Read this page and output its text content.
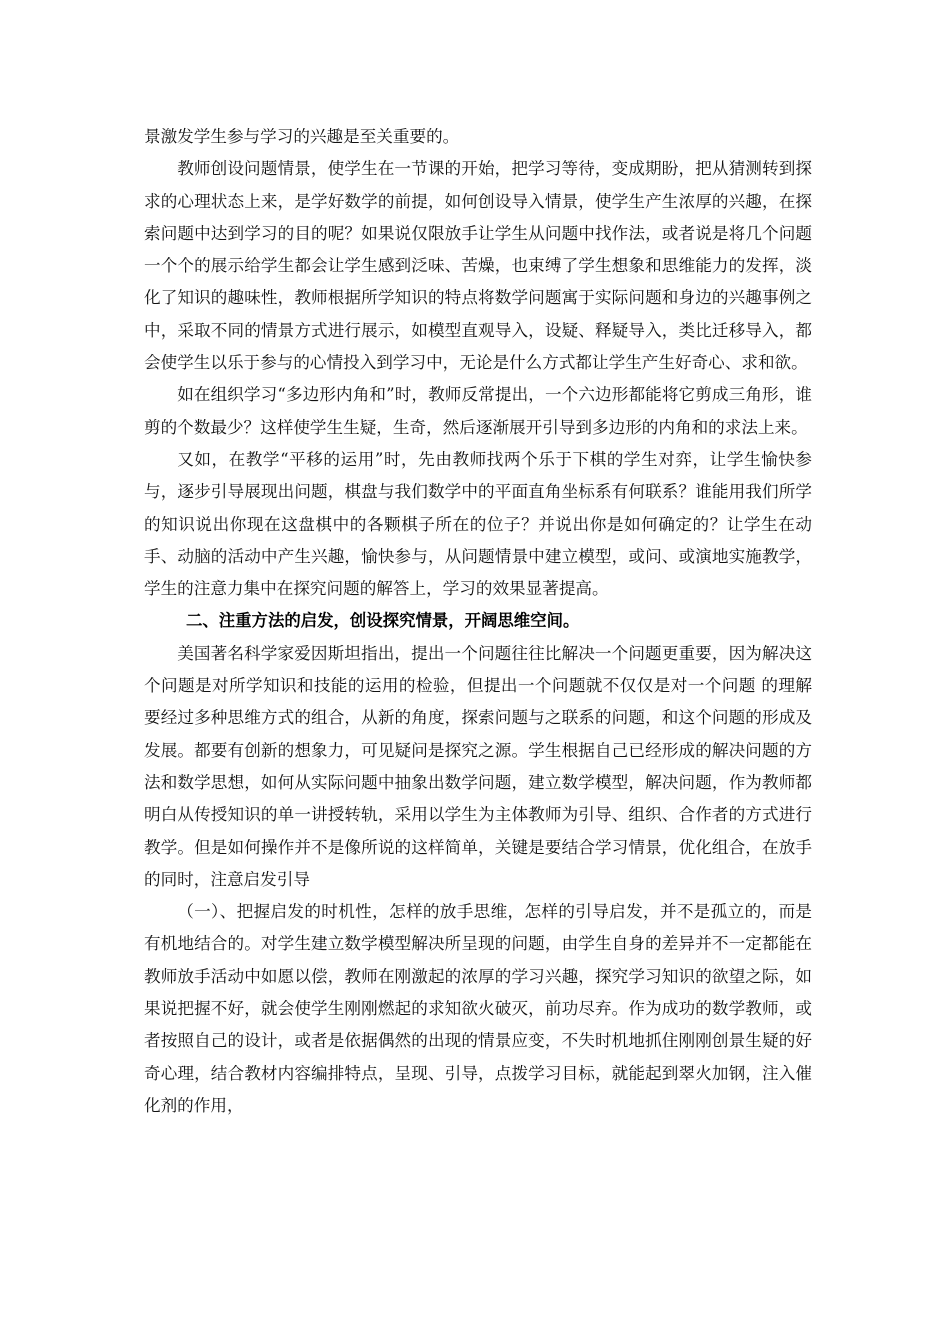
景激发学生参与学习的兴趣是至关重要的。

教师创设问题情景，使学生在一节课的开始，把学习等待，变成期盼，把从猜测转到探求的心理状态上来，是学好数学的前提，如何创设导入情景，使学生产生浓厚的兴趣，在探索问题中达到学习的目的呢？如果说仅限放手让学生从问题中找作法，或者说是将几个问题一个个的展示给学生都会让学生感到泛味、苦燥，也束缚了学生想象和思维能力的发挥，淡化了知识的趣味性，教师根据所学知识的特点将数学问题寓于实际问题和身边的兴趣事例之中，采取不同的情景方式进行展示，如模型直观导入，设疑、释疑导入，类比迁移导入，都会使学生以乐于参与的心情投入到学习中，无论是什么方式都让学生产生好奇心、求和欲。

如在组织学习“多边形内角和”时，教师反常提出，一个六边形都能将它剪成三角形，谁剪的个数最少？这样使学生生疑，生奇，然后逐渐展开引导到多边形的内角和的求法上来。

又如，在教学“平移的运用”时，先由教师找两个乐于下棋的学生对弈，让学生愉快参与，逐步引导展现出问题，棋盘与我们数学中的平面直角坐标系有何联系？谁能用我们所学的知识说出你现在这盘棋中的各颗棋子所在的位子？并说出你是如何确定的？让学生在动手、动脑的活动中产生兴趣，愉快参与，从问题情景中建立模型，或问、或演地实施教学，学生的注意力集中在探究问题的解答上，学习的效果显著提高。

二、注重方法的启发，创设探究情景，开阔思维空间。

美国著名科学家爱因斯坦指出，提出一个问题往往比解决一个问题更重要，因为解决这个问题是对所学知识和技能的运用的检验，但提出一个问题就不仅仅是对一个问题 的理解要经过多种思维方式的组合，从新的角度，探索问题与之联系的问题，和这个问题的形成及发展。都要有创新的想象力，可见疑问是探究之源。学生根据自己已经形成的解决问题的方法和数学思想，如何从实际问题中抽象出数学问题，建立数学模型，解决问题，作为教师都明白从传授知识的单一讲授转轨，采用以学生为主体教师为引导、组织、合作者的方式进行教学。但是如何操作并不是像所说的这样简单，关键是要结合学习情景，优化组合，在放手的同时，注意启发引导

（一）、把握启发的时机性，怎样的放手思维，怎样的引导启发，并不是孤立的，而是有机地结合的。对学生建立数学模型解决所呈现的问题，由学生自身的差异并不一定都能在教师放手活动中如愿以偿，教师在刚激起的浓厚的学习兴趣，探究学习知识的欲望之际，如果说把握不好，就会使学生刚刚燃起的求知欲火破灭，前功尽弃。作为成功的数学教师，或者按照自己的设计，或者是依据偶然的出现的情景应变，不失时机地抓住刚刚创景生疑的好奇心理，结合教材内容编排特点，呈现、引导，点拨学习目标，就能起到翠火加钢，注入催化剂的作用，
